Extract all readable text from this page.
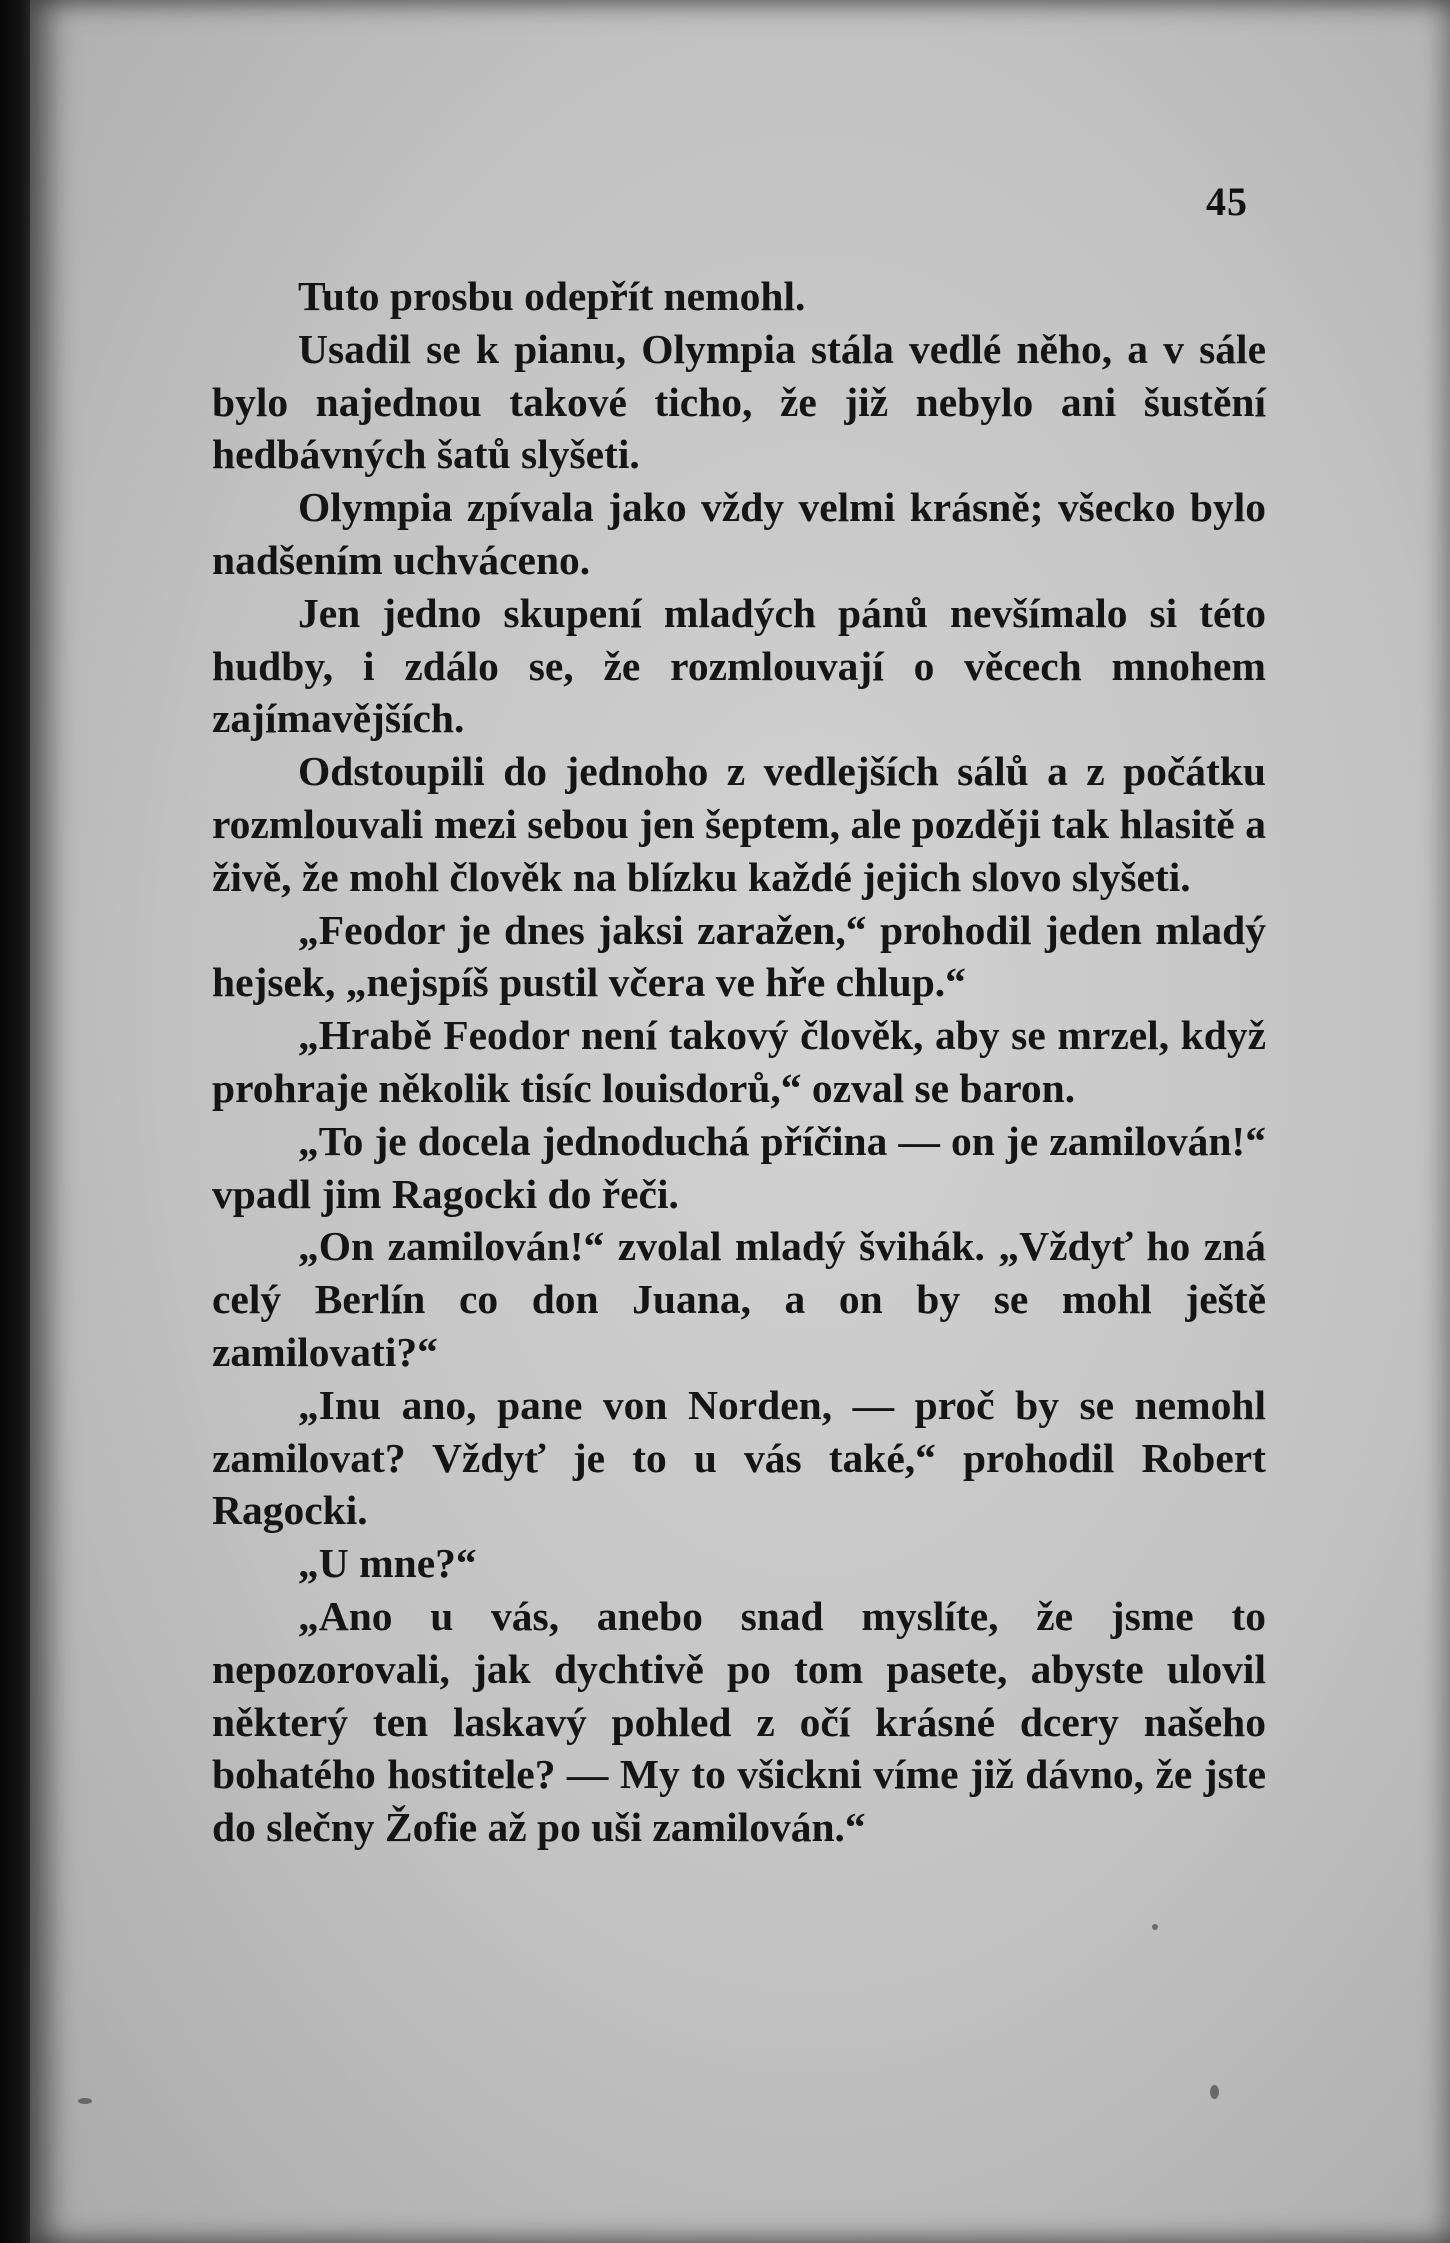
45

Tuto prosbu odepřít nemohl.

Usadil se k pianu, Olympia stála vedlé něho, a v sále bylo najednou takové ticho, že již nebylo ani šustění hedbávných šatů slyšeti.

Olympia zpívala jako vždy velmi krásně; všecko bylo nadšením uchváceno.

Jen jedno skupení mladých pánů nevšímalo si této hudby, i zdálo se, že rozmlouvají o věcech mnohem zajímavějších.

Odstoupili do jednoho z vedlejších sálů a z počátku rozmlouvali mezi sebou jen šeptem, ale později tak hlasitě a živě, že mohl člověk na blízku každé jejich slovo slyšeti.

„Feodor je dnes jaksi zaražen,“ prohodil jeden mladý hejsek, „nejspíš pustil včera ve hře chlup.“

„Hrabě Feodor není takový člověk, aby se mrzel, když prohraje několik tisíc louisdorů,“ ozval se baron.

„To je docela jednoduchá příčina — on je zamilován!“ vpadl jim Ragocki do řeči.

„On zamilován!“ zvolal mladý švihák. „Vždyť ho zná celý Berlín co don Juana, a on by se mohl ještě zamilovati?“

„Inu ano, pane von Norden, — proč by se nemohl zamilovat? Vždyť je to u vás také,“ prohodil Robert Ragocki.

„U mne?“

„Ano u vás, anebo snad myslíte, že jsme to nepozorovali, jak dychtivě po tom pasete, abyste ulovil některý ten laskavý pohled z očí krásné dcery našeho bohatého hostitele? — My to všickni víme již dávno, že jste do slečny Žofie až po uši zamilován.“
